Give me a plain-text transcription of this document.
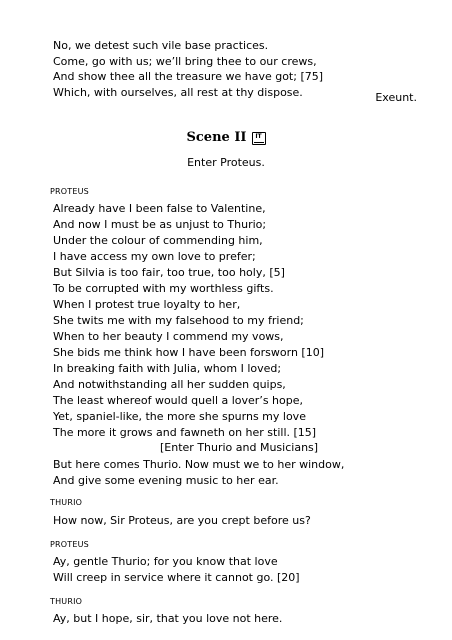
No, we detest such vile base practices.
Come, go with us; we’ll bring thee to our crews,
And show thee all the treasure we have got; [75]
Which, with ourselves, all rest at thy dispose.	Exeunt.
Scene II IT
Enter Proteus.
PROTEUS
Already have I been false to Valentine,
And now I must be as unjust to Thurio;
Under the colour of commending him,
I have access my own love to prefer;
But Silvia is too fair, too true, too holy, [5]
To be corrupted with my worthless gifts.
When I protest true loyalty to her,
She twits me with my falsehood to my friend;
When to her beauty I commend my vows,
She bids me think how I have been forsworn [10]
In breaking faith with Julia, whom I loved;
And notwithstanding all her sudden quips,
The least whereof would quell a lover’s hope,
Yet, spaniel-like, the more she spurns my love
The more it grows and fawneth on her still. [15]
[Enter Thurio and Musicians]
But here comes Thurio. Now must we to her window,
And give some evening music to her ear.
THURIO
How now, Sir Proteus, are you crept before us?
PROTEUS
Ay, gentle Thurio; for you know that love
Will creep in service where it cannot go. [20]
THURIO
Ay, but I hope, sir, that you love not here.
